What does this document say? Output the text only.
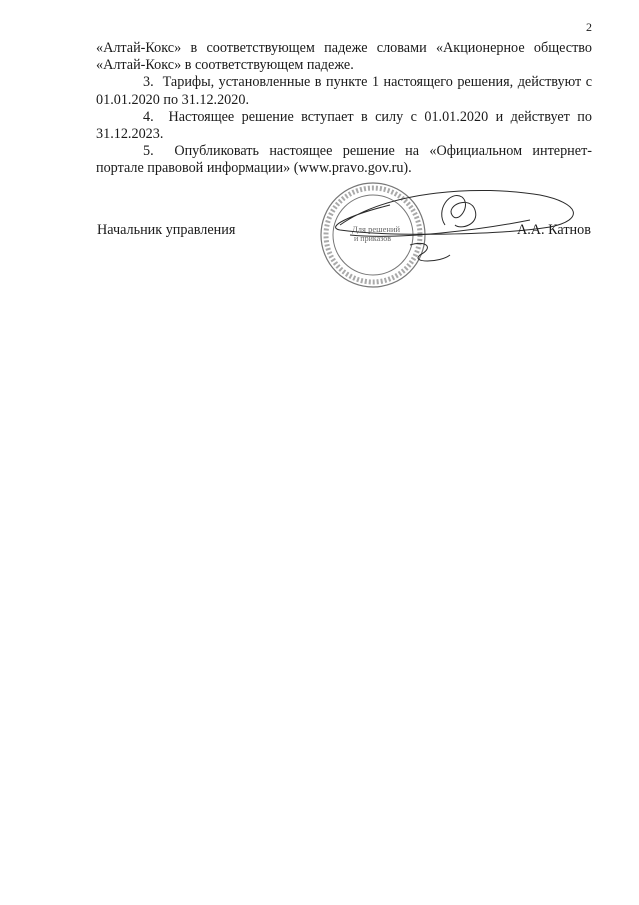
2

«Алтай-Кокс» в соответствующем падеже словами «Акционерное общество

«Алтай-Кокс» в соответствующем падеже.

3.  Тарифы, установленные в пункте 1 настоящего решения, действуют с 01.01.2020 по 31.12.2020.

4.  Настоящее решение вступает в силу с 01.01.2020 и действует по 31.12.2023.

5.  Опубликовать настоящее решение на «Официальном интернет-портале правовой информации» (www.pravo.gov.ru).

Начальник управления	Для решений
и приказов
А.А. Катнов
